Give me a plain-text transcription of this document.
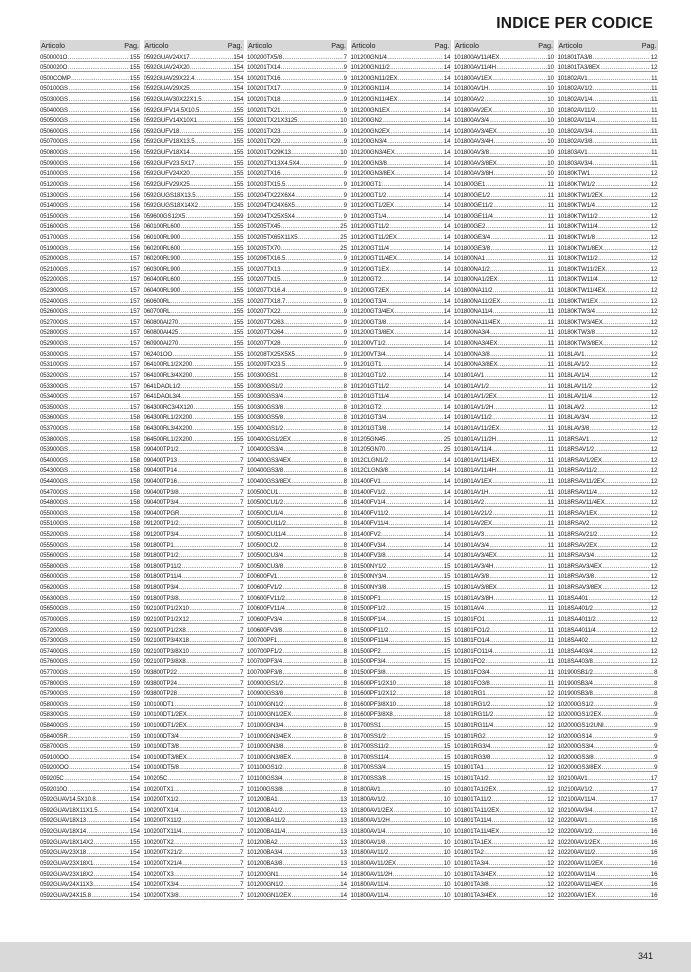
INDICE PER CODICE
Articolo	Pag.
0500001O .....	155
0500020O .....	155
0500COMP .....	155
050100GS .....	156
050300GS .....	156
050400GS .....	156
050500GS .....	156
050600GS .....	156
050700GS .....	156
050800GS .....	156
050900GS .....	156
051000GS .....	156
051200GS .....	156
051300GS .....	156
051400GS .....	156
051500GS .....	156
051600GS .....	156
051700GS .....	156
051900GS .....	156
052000GS .....	157
052100GS .....	157
052200GS .....	157
052300GS .....	157
052400GS .....	157
052600GS .....	157
052700GS .....	157
052800GS .....	157
052900GS .....	157
053000GS .....	157
053100GS .....	157
053200GS .....	157
053300GS .....	157
053400GS .....	157
053500GS .....	157
053600GS .....	158
053700GS .....	158
053800GS .....	158
053900GS .....	158
054000GS .....	158
054300GS .....	158
054400GS .....	158
054700GS .....	158
054800GS .....	158
055000GS .....	158
055100GS .....	158
055200GS .....	158
055500GS .....	158
055600GS .....	158
055800GS .....	158
056000GS .....	158
056200GS .....	158
056300GS .....	159
056500GS .....	159
057000GS .....	159
057200GS .....	159
057300GS .....	159
057400GS .....	159
057600GS .....	159
057700GS .....	159
057800GS .....	159
057900GS .....	159
058000GS .....	159
058300GS .....	159
058400GS .....	159
058400SR .....	159
058700GS .....	159
059100OO .....	154
059200OO .....	154
059205C .....	154
0592010O .....	154
0592GUAV14.5X10.8 .....	154
0592GUAV18X11X1.5 .....	154
0592GUAV18X13 .....	154
0592GUAV18X14 .....	154
0592GUAV18X14X2 .....	155
0592GUAV23X18 .....	154
0592GUAV23X18X1 .....	154
0592GUAV23X18X2 .....	154
0592GUAV24X11X3 .....	154
0592GUAV24X15.8 .....	154
Articolo	Pag.
0592GUAV24X17 .....	154
0592GUAV24X20 .....	154
0592GUAV29X22.4 .....	154
0592GUAV29X25 .....	154
0592GUAV30X22X1.5 .....	154
0592GUFV14.5X10.5 .....	155
0592GUFV14X10X1 .....	155
0592GUFV18 .....	155
0592GUFV18X13.5 .....	155
0592GUFV18X14 .....	155
0592GUFV23.5X17 .....	155
0592GUFV24X20 .....	155
0592GUFV29X25 .....	155
0592GUGS18X13.5 .....	155
0592GUGS18X14X2 .....	155
059600GS12X5 .....	159
060100RL600 .....	155
060100RL900 .....	155
060200RL600 .....	155
060200RL900 .....	155
060300RL900 .....	155
060400RL600 .....	155
060400RL900 .....	155
060600RL .....	155
060700RL .....	155
060800AI270 .....	155
060800AI425 .....	155
060900AI270 .....	155
062401OO .....	155
064100RL1/2X200 .....	155
064100RL3/4X200 .....	155
0641DAOL1/2 .....	155
0641DAOL3/4 .....	155
064300RC3/4X120 .....	155
064300RL1/2X200 .....	155
064300RL3/4X200 .....	155
064500RL1/2X200 .....	155
090400TP1/2 .....	7
090400TP13 .....	7
090400TP14 .....	7
090400TP16 .....	7
090400TP3/8 .....	7
090400TP3/4 .....	7
090400TPGR .....	7
091200TP1/2 .....	7
091200TP3/4 .....	7
091800TP1 .....	7
091800TP1/2 .....	7
091800TP11/2 .....	7
091800TP11/4 .....	7
091800TP3/4 .....	7
091800TP3/8 .....	7
092100TP1/2X10 .....	7
092100TP1/2X12 .....	7
092100TP1/2X8 .....	7
092100TP3/4X18 .....	7
092100TP3/8X10 .....	7
092100TP3/8X8 .....	7
093800TP22 .....	7
093800TP24 .....	7
093800TP28 .....	7
100100DT1 .....	7
100100DT1/2EX .....	7
100100DT1/2EX .....	7
100100DT3/4 .....	7
100100DT3/8 .....	7
100100DT3/8EX .....	7
100100DT5/8 .....	7
100205C .....	7
100200TX1 .....	7
100200TX1/2 .....	7
100200TX1/4 .....	7
100200TX11/2 .....	7
100200TX11/4 .....	7
100200TX2 .....	7
100200TX21/2 .....	7
100200TX21/4 .....	7
100200TX3 .....	7
100200TX3/4 .....	7
100200TX3/8 .....	7
Articolo	Pag.
100200TX5/8 .....	7
100201TX14 .....	9
100201TX16 .....	9
100201TX17 .....	9
100201TX18 .....	9
100201TX21 .....	9
100201TX21X3125 .....	10
100201TX23 .....	9
100201TX29 .....	9
100201TX29K13 .....	10
100202TX13X4.5X4 .....	9
100202TX16 .....	9
100203TX15.5 .....	9
100204TX22X6X4 .....	9
100204TX24X6X5 .....	9
100204TX25X5X4 .....	9
100205TX45 .....	25
100205TX65X11X5 .....	25
100205TX70 .....	25
100206TX16.5 .....	9
100207TX13 .....	9
100207TX15 .....	9
100207TX16.4 .....	9
100207TX18.7 .....	9
100207TX22 .....	9
100207TX263 .....	9
100207TX264 .....	9
100207TX28 .....	9
100208TX25X5X5 .....	9
100209TX23.5 .....	9
100300GS1 .....	8
100300GS1/2 .....	8
100300GS3/4 .....	8
100300GS3/8 .....	8
100300GS5/8 .....	8
100400GS1/2 .....	8
100400GS1/2EX .....	8
100400GS3/4 .....	8
100400GS3/4EX .....	8
100400GS3/8 .....	8
100400GS3/8EX .....	8
100500CU1 .....	8
100500CU1/2 .....	8
100500CU1/4 .....	8
100500CU11/2 .....	8
100500CU11/4 .....	8
100500CU2 .....	8
100500CU3/4 .....	8
100500CU3/8 .....	8
100600FV1 .....	8
100600FV1/2 .....	8
100600FV11/2 .....	8
100600FV11/4 .....	8
100600FV3/4 .....	8
100600FV3/8 .....	8
100700PF1 .....	8
100700PF1/2 .....	8
100700PF3/4 .....	8
100700PF3/8 .....	8
100900GS1/2 .....	8
100900GS3/8 .....	8
101000GN1/2 .....	8
101000GN1/2EX .....	8
101000GN3/4 .....	8
101000GN3/4EX .....	8
101000GN3/8 .....	8
101000GN3/8EX .....	8
101100GS1/2 .....	8
101100GS3/4 .....	8
101100GS3/8 .....	8
101200BA1 .....	13
101200BA1/2 .....	13
101200BA11/2 .....	13
101200BA11/4 .....	13
101200BA2 .....	13
101200BA3/4 .....	13
101200BA3/8 .....	13
101200GN1 .....	14
101200GN1/2 .....	14
101200GN1/2EX .....	14
Articolo	Pag.
101200GN1/4 .....	14
101200GN11/2 .....	14
101200GN11/2EX .....	14
101200GN11/4 .....	14
101200GN11/4EX .....	14
101200GN1EX .....	14
101200GN2 .....	14
101200GN2EX .....	14
101200GN3/4 .....	14
101200GN3/4EX .....	14
101200GN3/8 .....	14
101200GN3/8EX .....	14
101200GT1 .....	14
101200GT1/2 .....	14
101200GT1/2EX .....	14
101200GT1/4 .....	14
101200GT11/2 .....	14
101200GT11/2EX .....	14
101200GT11/4 .....	14
101200GT11/4EX .....	14
101200GT1EX .....	14
101200GT2 .....	14
101200GT2EX .....	14
101200GT3/4 .....	14
101200GT3/4EX .....	14
101200GT3/8 .....	14
101200GT3/8EX .....	14
101200VT1/2 .....	14
101200VT3/4 .....	14
101201GT1 .....	14
101201GT1/2 .....	14
101201GT11/2 .....	14
101201GT11/4 .....	14
101201GT2 .....	14
101201GT3/4 .....	14
101201GT3/8 .....	14
101205GN45 .....	25
101205GN70 .....	25
1012CLGN1/2 .....	14
1012CLGN3/8 .....	14
101400FV1 .....	14
101400FV1/2 .....	14
101400FV1/4 .....	14
101400FV11/2 .....	14
101400FV11/4 .....	14
101400FV2 .....	14
101400FV3/4 .....	14
101400FV3/8 .....	14
101500NY1/2 .....	15
101500NY3/4 .....	15
101500NY3/8 .....	15
101500PF1 .....	15
101500PF1/2 .....	15
101500PF1/4 .....	15
101500PF11/2 .....	15
101500PF11/4 .....	15
101500PF2 .....	15
101500PF3/4 .....	15
101500PF3/8 .....	15
101600PF1/2X10 .....	18
101600PF1/2X12 .....	18
101600PF3/8X10 .....	18
101600PF3/8X8 .....	18
101700SS1 .....	15
101700SS1/2 .....	15
101700SS11/2 .....	15
101700SS11/4 .....	15
101700SS3/4 .....	15
101700SS3/8 .....	15
101800AV1 .....	10
101800AV1/2 .....	10
101800AV1/2EX .....	10
101800AV1/2H .....	10
101800AV1/4 .....	10
101800AV1/8 .....	10
101800AV11/2 .....	10
101800AV11/2EX .....	10
101800AV11/2H .....	10
101800AV11/4 .....	10
101800AV11/4 .....	10
Articolo	Pag.
101800AV11/4EX .....	10
101800AV11/4H .....	10
101800AV1EX .....	10
101800AV1H .....	10
101800AV2 .....	10
101800AV2EX .....	10
101800AV3/4 .....	10
101800AV3/4EX .....	10
101800AV3/4H .....	10
101800AV3/8 .....	10
101800AV3/8EX .....	10
101800AV3/8H .....	10
101800GE1 .....	11
101800GE1/2 .....	11
101800GE11/2 .....	11
101800GE11/4 .....	11
101800GE2 .....	11
101800GE3/4 .....	11
101800GE3/8 .....	11
101800NA1 .....	11
101800NA1/2 .....	11
101800NA1/2EX .....	11
101800NA11/2 .....	11
101800NA11/2EX .....	11
101800NA11/4 .....	11
101800NA11/4EX .....	11
101800NA3/4 .....	11
101800NA3/4EX .....	11
101800NA3/8 .....	11
101800NA3/8EX .....	11
101801AV1 .....	11
101801AV1/2 .....	11
101801AV1/2EX .....	11
101801AV1/2H .....	11
101801AV11/2 .....	11
101801AV11/2EX .....	11
101801AV11/2H .....	11
101801AV11/4 .....	11
101801AV11/4EX .....	11
101801AV11/4H .....	11
101801AV1EX .....	11
101801AV1H .....	11
101801AV2 .....	11
101801AV21/2 .....	11
101801AV2EX .....	11
101801AV3 .....	11
101801AV3/4 .....	11
101801AV3/4EX .....	11
101801AV3/4H .....	11
101801AV3/8 .....	11
101801AV3/8EX .....	11
101801AV3/8H .....	11
101801AV4 .....	11
101801FO1 .....	11
101801FO1/2 .....	11
101801FO1/4 .....	11
101801FO11/4 .....	11
101801FO2 .....	11
101801FO3/4 .....	11
101801FO3/8 .....	11
101801RG1 .....	12
101801RG1/2 .....	12
101801RG11/2 .....	12
101801RG11/4 .....	12
101801RG2 .....	12
101801RG3/4 .....	12
101801RG3/8 .....	12
101801TA1 .....	12
101801TA1/2 .....	12
101801TA1/2EX .....	12
101801TA11/2 .....	12
101801TA11/2EX .....	12
101801TA11/4 .....	12
101801TA11/4EX .....	12
101801TA1EX .....	12
101801TA2 .....	12
101801TA3/4 .....	12
101801TA3/4EX .....	12
101801TA3/8 .....	12
101801TA3/4EX .....	12
Articolo	Pag.
101801TA3/8 .....	12
101801TA3/8EX .....	12
101802AV1 .....	11
101802AV1/2 .....	11
101802AV1/4 .....	11
101802AV11/2 .....	11
101802AV11/4 .....	11
101802AV3/4 .....	11
101802AV3/8 .....	11
101803AV1 .....	11
101803AV3/4 .....	11
10180KTW1 .....	12
10180KTW1/2 .....	12
10180KTW1/2EX .....	12
10180KTW1/4 .....	12
10180KTW11/2 .....	12
10180KTW11/4 .....	12
10180KTW1/8 .....	12
10180KTW1/8EX .....	12
10180KTW11/2 .....	12
10180KTW11/2EX .....	12
10180KTW11/4 .....	12
10180KTW11/4EX .....	12
10180KTW1EX .....	12
10180KTW3/4 .....	12
10180KTW3/4EX .....	12
10180KTW3/8 .....	12
10180KTW3/8EX .....	12
1018LAV1 .....	12
1018LAV1/2 .....	12
1018LAV1/4 .....	12
1018LAV11/2 .....	12
1018LAV11/4 .....	12
1018LAV2 .....	12
1018LAV3/4 .....	12
1018LAV3/8 .....	12
1018RSAV1 .....	12
1018RSAV1/2 .....	12
1018RSAV1/2EX .....	12
1018RSAV11/2 .....	12
1018RSAV11/2EX .....	12
1018RSAV11/4 .....	12
1018RSAV11/4EX .....	12
1018RSAV1EX .....	12
1018RSAV2 .....	12
1018RSAV21/2 .....	12
1018RSAV2EX .....	12
1018RSAV3/4 .....	12
1018RSAV3/4EX .....	12
1018RSAV3/8 .....	12
1018RSAV3/8EX .....	12
1018SA401 .....	12
1018SA401/2 .....	12
1018SA4011/2 .....	12
1018SA4011/4 .....	12
1018SA402 .....	12
1018SA403/4 .....	12
1018SA403/8 .....	12
101900SB1/2 .....	8
101900SB3/4 .....	8
101900SB3/8 .....	8
102000GS1/2 .....	9
102000GS1/2EX .....	9
102000GS1/2UNI .....	9
102000GS14 .....	9
102000GS3/4 .....	9
102000GS3/8 .....	9
102000GS3/8EX .....	9
102100AV1 .....	17
102100AV1/2 .....	17
102100AV11/4 .....	17
102100AV3/4 .....	17
102200AV1 .....	16
102200AV1/2 .....	16
102200AV1/2EX .....	16
102200AV11/2 .....	16
102200AV11/2EX .....	16
102200AV11/4 .....	16
102200AV11/4EX .....	16
102200AV1EX .....	16
341
